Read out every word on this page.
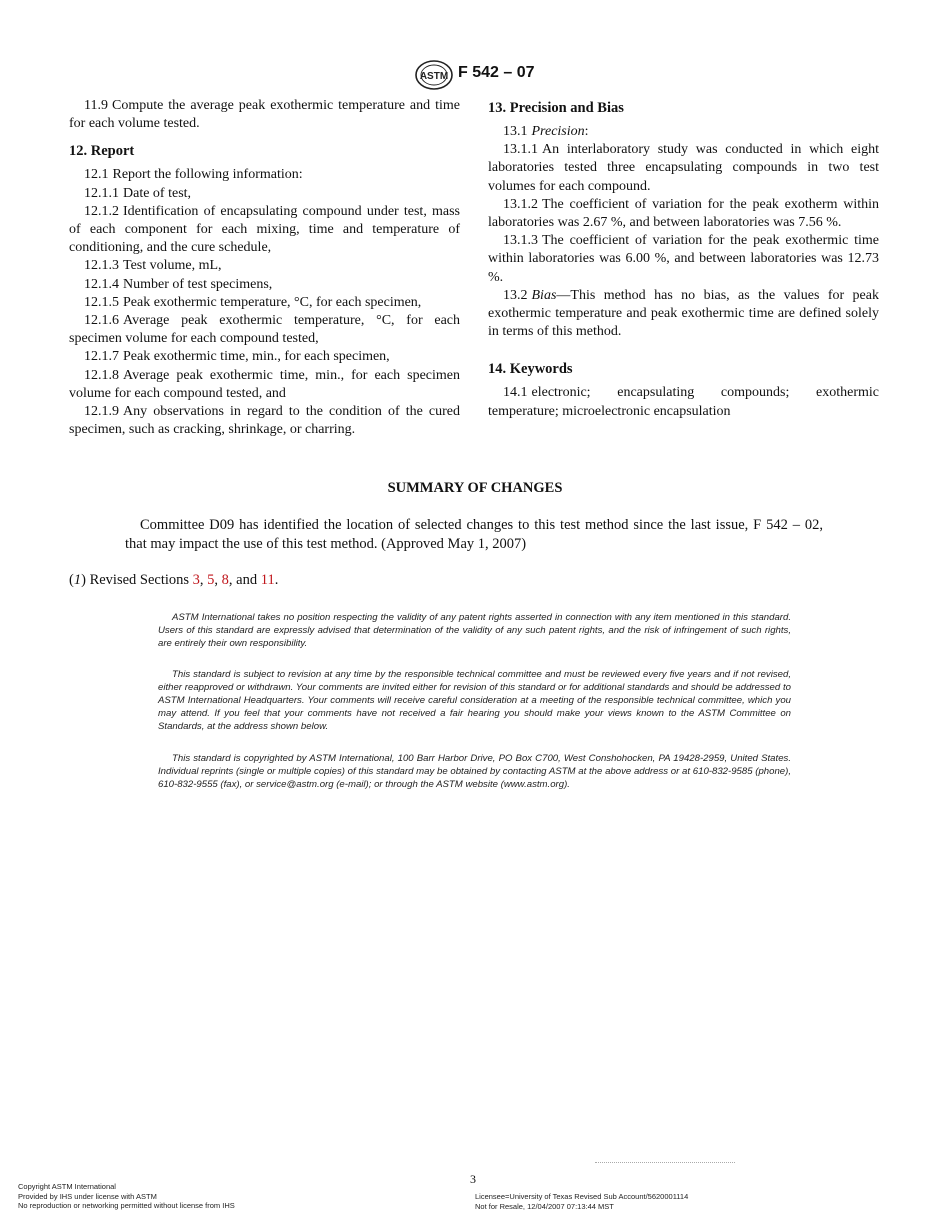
ASTM F 542 – 07

11.9 Compute the average peak exothermic temperature and time for each volume tested.

12. Report

12.1 Report the following information:

12.1.1 Date of test,

12.1.2 Identification of encapsulating compound under test, mass of each component for each mixing, time and temperature of conditioning, and the cure schedule,

12.1.3 Test volume, mL,

12.1.4 Number of test specimens,

12.1.5 Peak exothermic temperature, °C, for each specimen,

12.1.6 Average peak exothermic temperature, °C, for each specimen volume for each compound tested,

12.1.7 Peak exothermic time, min., for each specimen,

12.1.8 Average peak exothermic time, min., for each specimen volume for each compound tested, and

12.1.9 Any observations in regard to the condition of the cured specimen, such as cracking, shrinkage, or charring.

13. Precision and Bias

13.1 Precision:

13.1.1 An interlaboratory study was conducted in which eight laboratories tested three encapsulating compounds in two test volumes for each compound.

13.1.2 The coefficient of variation for the peak exotherm within laboratories was 2.67 %, and between laboratories was 7.56 %.

13.1.3 The coefficient of variation for the peak exothermic time within laboratories was 6.00 %, and between laboratories was 12.73 %.

13.2 Bias—This method has no bias, as the values for peak exothermic temperature and peak exothermic time are defined solely in terms of this method.

14. Keywords

14.1 electronic; encapsulating compounds; exothermic temperature; microelectronic encapsulation

SUMMARY OF CHANGES
Committee D09 has identified the location of selected changes to this test method since the last issue, F 542 – 02, that may impact the use of this test method. (Approved May 1, 2007)
(1) Revised Sections 3, 5, 8, and 11.
ASTM International takes no position respecting the validity of any patent rights asserted in connection with any item mentioned in this standard. Users of this standard are expressly advised that determination of the validity of any such patent rights, and the risk of infringement of such rights, are entirely their own responsibility.
This standard is subject to revision at any time by the responsible technical committee and must be reviewed every five years and if not revised, either reapproved or withdrawn. Your comments are invited either for revision of this standard or for additional standards and should be addressed to ASTM International Headquarters. Your comments will receive careful consideration at a meeting of the responsible technical committee, which you may attend. If you feel that your comments have not received a fair hearing you should make your views known to the ASTM Committee on Standards, at the address shown below.
This standard is copyrighted by ASTM International, 100 Barr Harbor Drive, PO Box C700, West Conshohocken, PA 19428-2959, United States. Individual reprints (single or multiple copies) of this standard may be obtained by contacting ASTM at the above address or at 610-832-9585 (phone), 610-832-9555 (fax), or service@astm.org (e-mail); or through the ASTM website (www.astm.org).
3
Copyright ASTM International
Provided by IHS under license with ASTM
No reproduction or networking permitted without license from IHS
Licensee=University of Texas Revised Sub Account/5620001114
Not for Resale, 12/04/2007 07:13:44 MST
